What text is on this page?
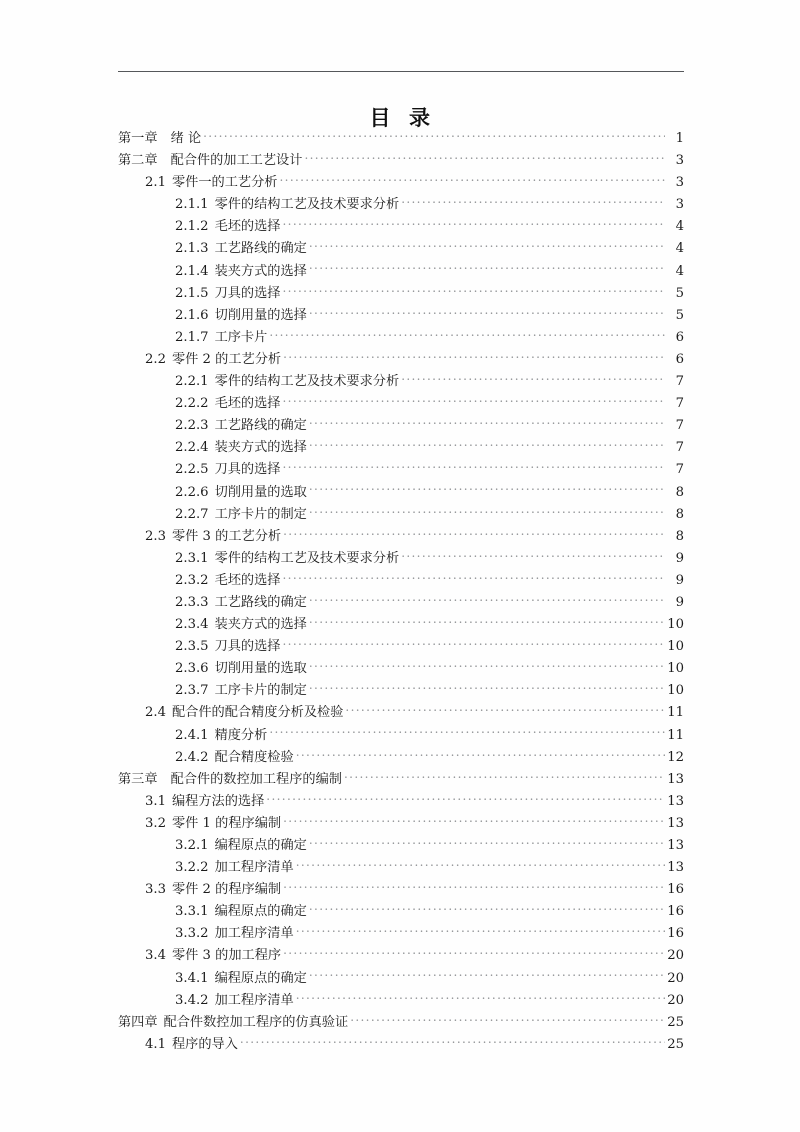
目 录
第一章 绪 论 .....	1
第二章 配合件的加工工艺设计 .....	3
2.1 零件一的工艺分析 .....	3
2.1.1 零件的结构工艺及技术要求分析 .....	3
2.1.2 毛坯的选择 .....	4
2.1.3 工艺路线的确定 .....	4
2.1.4 装夹方式的选择 .....	4
2.1.5 刀具的选择 .....	5
2.1.6 切削用量的选择 .....	5
2.1.7 工序卡片 .....	6
2.2 零件 2 的工艺分析 .....	6
2.2.1 零件的结构工艺及技术要求分析 .....	7
2.2.2 毛坯的选择 .....	7
2.2.3 工艺路线的确定 .....	7
2.2.4 装夹方式的选择 .....	7
2.2.5 刀具的选择 .....	7
2.2.6 切削用量的选取 .....	8
2.2.7 工序卡片的制定 .....	8
2.3 零件 3 的工艺分析 .....	8
2.3.1 零件的结构工艺及技术要求分析 .....	9
2.3.2 毛坯的选择 .....	9
2.3.3 工艺路线的确定 .....	9
2.3.4 装夹方式的选择 .....	10
2.3.5 刀具的选择 .....	10
2.3.6 切削用量的选取 .....	10
2.3.7 工序卡片的制定 .....	10
2.4 配合件的配合精度分析及检验 .....	11
2.4.1 精度分析 .....	11
2.4.2 配合精度检验 .....	12
第三章 配合件的数控加工程序的编制 .....	13
3.1 编程方法的选择 .....	13
3.2 零件 1 的程序编制 .....	13
3.2.1 编程原点的确定 .....	13
3.2.2 加工程序清单 .....	13
3.3 零件 2 的程序编制 .....	16
3.3.1 编程原点的确定 .....	16
3.3.2 加工程序清单 .....	16
3.4 零件 3 的加工程序 .....	20
3.4.1 编程原点的确定 .....	20
3.4.2 加工程序清单 .....	20
第四章 配合件数控加工程序的仿真验证 .....	25
4.1 程序的导入 .....	25
